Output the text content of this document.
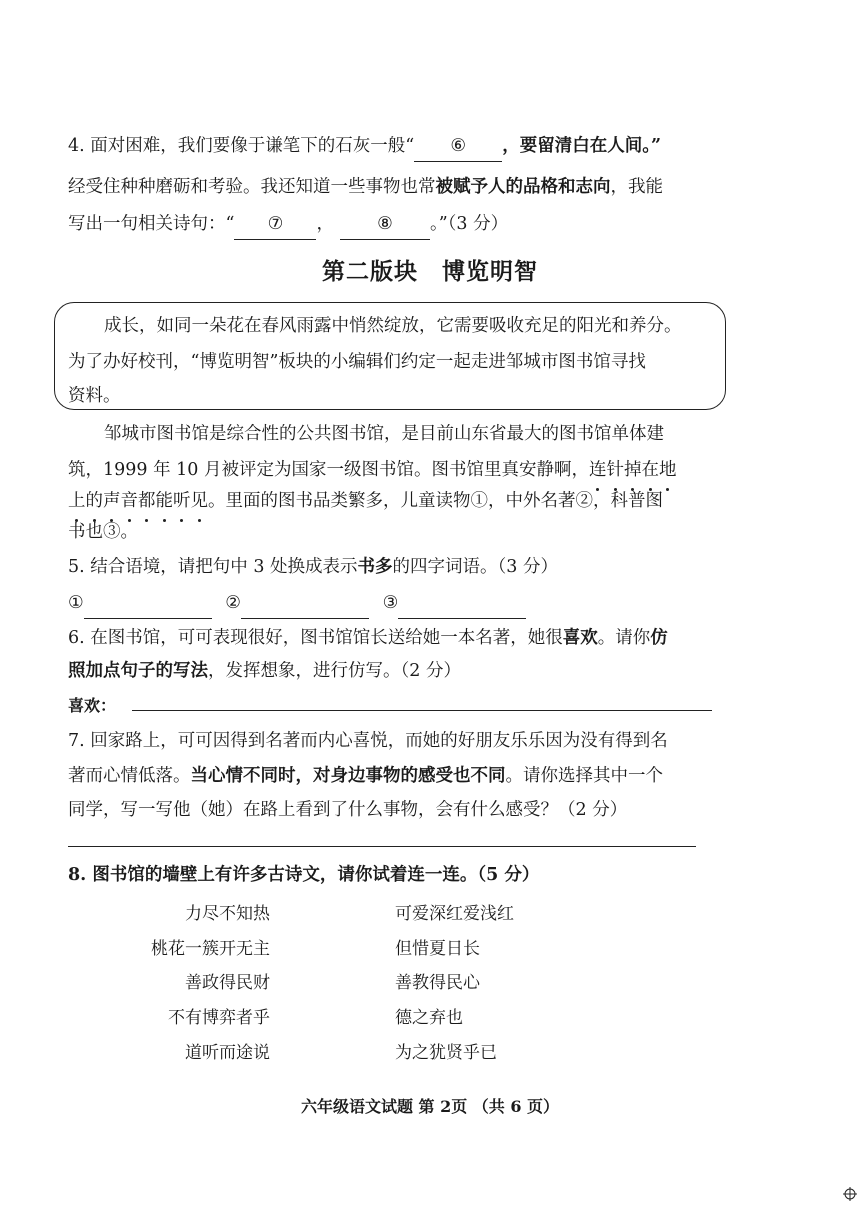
4. 面对困难，我们要像于谦笔下的石灰一般“ ⑥ ，要留清白在人间。”
经受住种种磨砺和考验。我还知道一些事物也常被赋予人的品格和志向，我能
写出一句相关诗句：“ ⑦ ， ⑧ 。”（3 分）
第二版块　博览明智
成长，如同一朵花在春风雨露中悄然绽放，它需要吸收充足的阳光和养分。
为了办好校刊，“博览明智”板块的小编辑们约定一起走进邹城市图书馆寻找
资料。
邹城市图书馆是综合性的公共图书馆，是目前山东省最大的图书馆单体建
筑，1999 年 10 月被评定为国家一级图书馆。图书馆里真安静啊，连针掉在地
上的声音都能听见。里面的图书品类繁多，儿童读物①，中外名著②，科普图
书也③。
5. 结合语境，请把句中 3 处换成表示书多的四字词语。（3 分）
①	②	③
6. 在图书馆，可可表现很好，图书馆馆长送给她一本名著，她很喜欢。请你仿
照加点句子的写法，发挥想象，进行仿写。（2 分）
喜欢：
7. 回家路上，可可因得到名著而内心喜悦，而她的好朋友乐乐因为没有得到名
著而心情低落。当心情不同时，对身边事物的感受也不同。请你选择其中一个
同学，写一写他（她）在路上看到了什么事物，会有什么感受？（2 分）
8. 图书馆的墙壁上有许多古诗文，请你试着连一连。（5 分）
力尽不知热
桃花一簇开无主
善政得民财
不有博弈者乎
道听而途说
可爱深红爱浅红
但惜夏日长
善教得民心
德之弃也
为之犹贤乎已
六年级语文试题 第 2页 （共 6 页）
